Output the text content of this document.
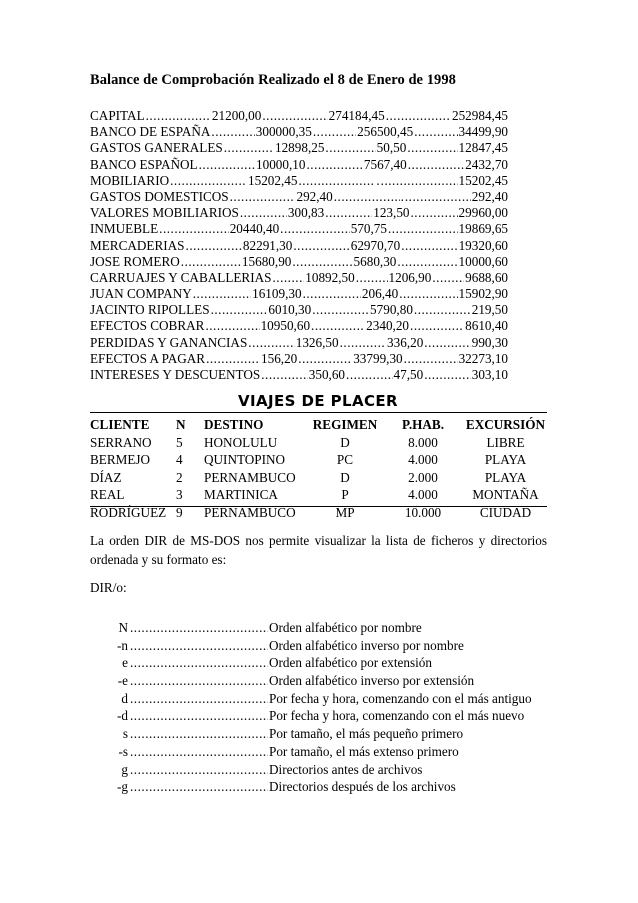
Balance de Comprobación Realizado el 8 de Enero de 1998
CAPITAL .....	21200,00 .....	274184,45 .....	252984,45
BANCO DE ESPAÑA .....	300000,35 .....	256500,45 .....	34499,90
GASTOS GANERALES .....	12898,25 .....	50,50 .....	12847,45
BANCO ESPAÑOL .....	10000,10 .....	7567,40 .....	2432,70
MOBILIARIO .....	15202,45 .....	. .....	15202,45
GASTOS DOMESTICOS .....	292,40 .....	. .....	292,40
VALORES MOBILIARIOS .....	300,83 .....	123,50 .....	29960,00
INMUEBLE .....	20440,40 .....	570,75 .....	19869,65
MERCADERIAS .....	82291,30 .....	62970,70 .....	19320,60
JOSE ROMERO .....	15680,90 .....	5680,30 .....	10000,60
CARRUAJES Y CABALLERIAS .....	10892,50 .....	1206,90 .....	9688,60
JUAN COMPANY .....	16109,30 .....	206,40 .....	15902,90
JACINTO RIPOLLES .....	6010,30 .....	5790,80 .....	219,50
EFECTOS COBRAR .....	10950,60 .....	2340,20 .....	8610,40
PERDIDAS Y GANANCIAS .....	1326,50 .....	336,20 .....	990,30
EFECTOS A PAGAR .....	156,20 .....	33799,30 .....	32273,10
INTERESES Y DESCUENTOS .....	350,60 .....	47,50 .....	303,10
VIAJES DE PLACER
CLIENTE	N	DESTINO	REGIMEN	P.HAB.	EXCURSIÓN
SERRANO	5	HONOLULU	D	8.000	LIBRE
BERMEJO	4	QUINTOPINO	PC	4.000	PLAYA
DÍAZ	2	PERNAMBUCO	D	2.000	PLAYA
REAL	3	MARTINICA	P	4.000	MONTAÑA
RODRÍGUEZ	9	PERNAMBUCO	MP	10.000	CIUDAD
La orden DIR de MS-DOS nos permite visualizar la lista de ficheros y directorios ordenada y su formato es:
DIR/o:
N .....	Orden alfabético por nombre
-n .....	Orden alfabético inverso por nombre
e .....	Orden alfabético por extensión
-e .....	Orden alfabético inverso por extensión
d .....	Por fecha y hora, comenzando con el más antiguo
-d .....	Por fecha y hora, comenzando con el más nuevo
s .....	Por tamaño, el más pequeño primero
-s .....	Por tamaño, el más extenso primero
g .....	Directorios antes de archivos
-g .....	Directorios después de los archivos
